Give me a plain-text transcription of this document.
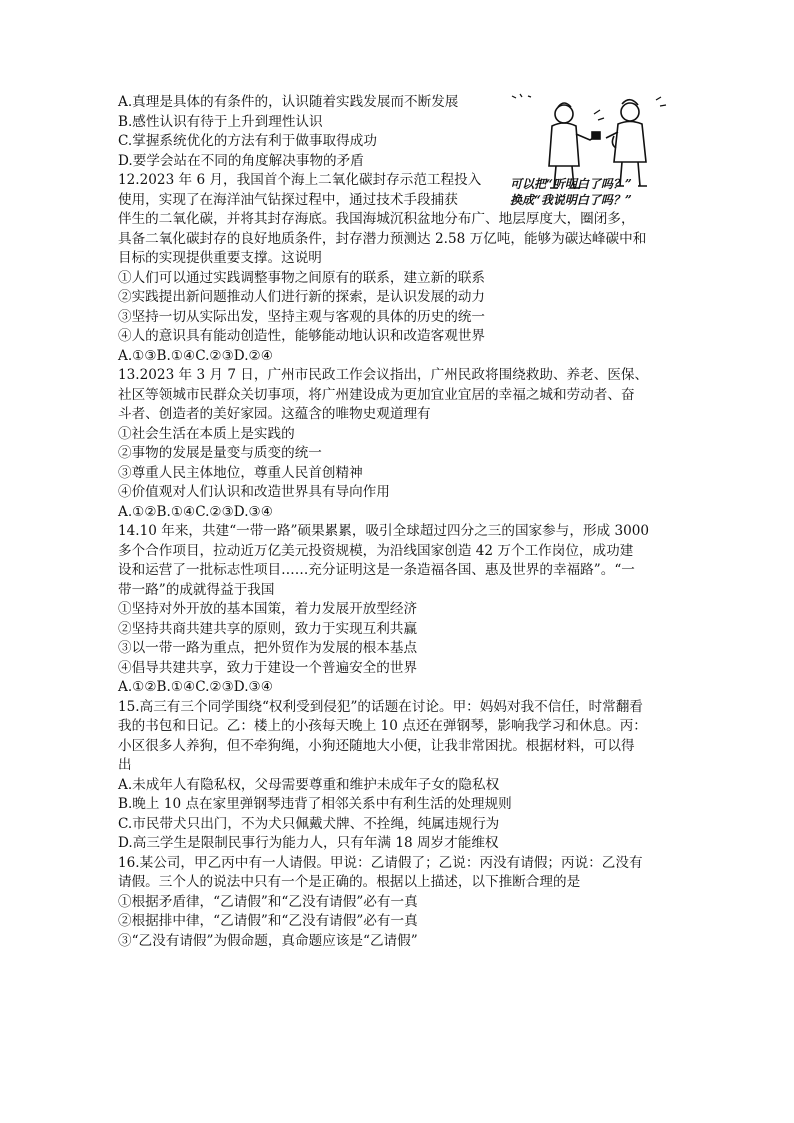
可以把“听明白了吗？”
换成“我说明白了吗？”
A.真理是具体的有条件的，认识随着实践发展而不断发展
B.感性认识有待于上升到理性认识
C.掌握系统优化的方法有利于做事取得成功
D.要学会站在不同的角度解决事物的矛盾
12.2023 年 6 月，我国首个海上二氧化碳封存示范工程投入
使用，实现了在海洋油气钻探过程中，通过技术手段捕获
伴生的二氧化碳，并将其封存海底。我国海城沉积盆地分布广、地层厚度大，圈闭多，
具备二氧化碳封存的良好地质条件，封存潜力预测达 2.58 万亿吨，能够为碳达峰碳中和
目标的实现提供重要支撑。这说明
①人们可以通过实践调整事物之间原有的联系，建立新的联系
②实践提出新问题推动人们进行新的探索，是认识发展的动力
③坚持一切从实际出发，坚持主观与客观的具体的历史的统一
④人的意识具有能动创造性，能够能动地认识和改造客观世界
A.①③B.①④C.②③D.②④
13.2023 年 3 月 7 日，广州市民政工作会议指出，广州民政将围绕救助、养老、医保、
社区等领城市民群众关切事项，将广州建设成为更加宜业宜居的幸福之城和劳动者、奋
斗者、创造者的美好家园。这蕴含的唯物史观道理有
①社会生活在本质上是实践的
②事物的发展是量变与质变的统一
③尊重人民主体地位，尊重人民首创精神
④价值观对人们认识和改造世界具有导向作用
A.①②B.①④C.②③D.③④
14.10 年来，共建“一带一路”硕果累累，吸引全球超过四分之三的国家参与，形成 3000
多个合作项目，拉动近万亿美元投资规模，为沿线国家创造 42 万个工作岗位，成功建
设和运营了一批标志性项目……充分证明这是一条造福各国、惠及世界的幸福路”。“一
带一路”的成就得益于我国
①坚持对外开放的基本国策，着力发展开放型经济
②坚持共商共建共享的原则，致力于实现互利共赢
③以一带一路为重点，把外贸作为发展的根本基点
④倡导共建共享，致力于建设一个普遍安全的世界
A.①②B.①④C.②③D.③④
15.高三有三个同学围绕“权利受到侵犯”的话题在讨论。甲：妈妈对我不信任，时常翻看
我的书包和日记。乙：楼上的小孩每天晚上 10 点还在弹钢琴，影响我学习和休息。丙：
小区很多人养狗，但不牵狗绳，小狗还随地大小便，让我非常困扰。根据材料，可以得
出
A.未成年人有隐私权，父母需要尊重和维护未成年子女的隐私权
B.晚上 10 点在家里弹钢琴违背了相邻关系中有利生活的处理规则
C.市民带犬只出门，不为犬只佩戴犬牌、不拴绳，纯属违规行为
D.高三学生是限制民事行为能力人，只有年满 18 周岁才能维权
16.某公司，甲乙丙中有一人请假。甲说：乙请假了；乙说：丙没有请假；丙说：乙没有
请假。三个人的说法中只有一个是正确的。根据以上描述，以下推断合理的是
①根据矛盾律，“乙请假”和“乙没有请假”必有一真
②根据排中律，“乙请假”和“乙没有请假”必有一真
③“乙没有请假”为假命题，真命题应该是“乙请假”
